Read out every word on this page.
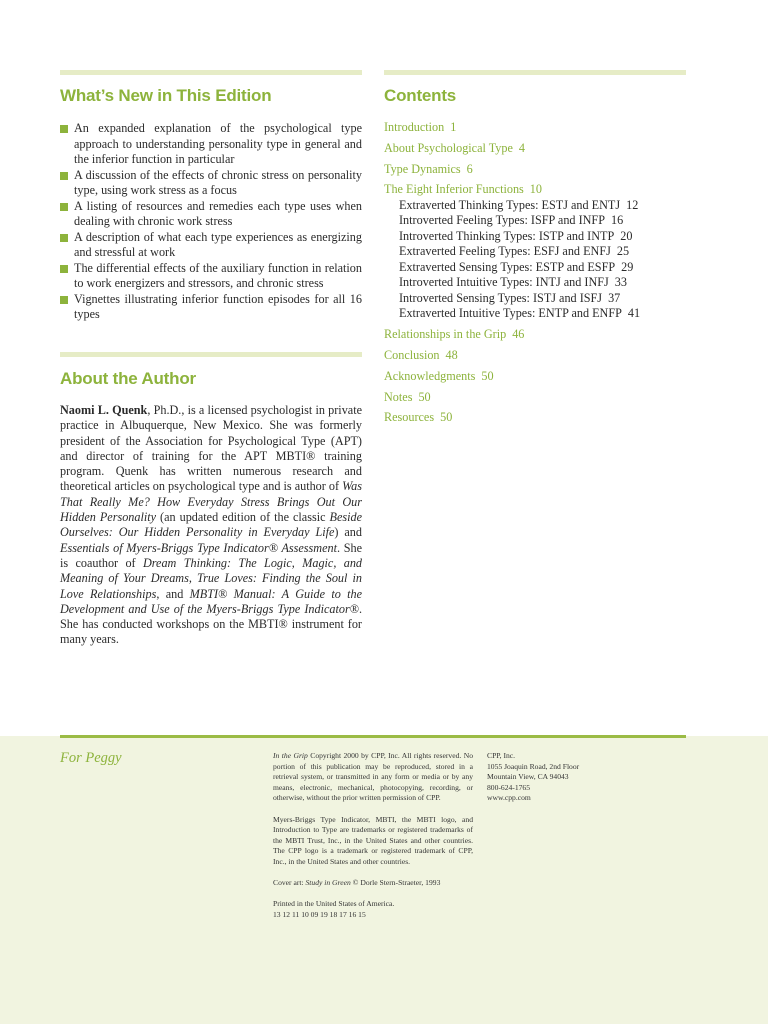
What’s New in This Edition
An expanded explanation of the psychological type approach to understanding personality type in general and the inferior function in particular
A discussion of the effects of chronic stress on personality type, using work stress as a focus
A listing of resources and remedies each type uses when dealing with chronic work stress
A description of what each type experiences as energizing and stressful at work
The differential effects of the auxiliary function in relation to work energizers and stressors, and chronic stress
Vignettes illustrating inferior function episodes for all 16 types
About the Author

Naomi L. Quenk, Ph.D., is a licensed psychologist in private practice in Albuquerque, New Mexico. She was formerly president of the Association for Psychological Type (APT) and director of training for the APT MBTI® training program. Quenk has written numerous research and theoretical articles on psychological type and is author of Was That Really Me? How Everyday Stress Brings Out Our Hidden Personality (an updated edition of the classic Beside Ourselves: Our Hidden Personality in Everyday Life) and Essentials of Myers-Briggs Type Indicator® Assessment. She is coauthor of Dream Thinking: The Logic, Magic, and Meaning of Your Dreams, True Loves: Finding the Soul in Love Relationships, and MBTI® Manual: A Guide to the Development and Use of the Myers-Briggs Type Indicator®. She has conducted workshops on the MBTI® instrument for many years.

Contents
Introduction 1
About Psychological Type 4
Type Dynamics 6
The Eight Inferior Functions 10
Extraverted Thinking Types: ESTJ and ENTJ 12
Introverted Feeling Types: ISFP and INFP 16
Introverted Thinking Types: ISTP and INTP 20
Extraverted Feeling Types: ESFJ and ENFJ 25
Extraverted Sensing Types: ESTP and ESFP 29
Introverted Intuitive Types: INTJ and INFJ 33
Introverted Sensing Types: ISTJ and ISFJ 37
Extraverted Intuitive Types: ENTP and ENFP 41
Relationships in the Grip 46
Conclusion 48
Acknowledgments 50
Notes 50
Resources 50

For Peggy	In the Grip Copyright 2000 by CPP, Inc. All rights reserved. No portion of this publication may be reproduced, stored in a retrieval system, or transmitted in any form or media or by any means, electronic, mechanical, photocopying, recording, or otherwise, without the prior written permission of CPP.

Myers-Briggs Type Indicator, MBTI, the MBTI logo, and Introduction to Type are trademarks or registered trademarks of the MBTI Trust, Inc., in the United States and other countries. The CPP logo is a trademark or registered trademark of CPP, Inc., in the United States and other countries.

Cover art: Study in Green © Dorle Stern-Straeter, 1993

Printed in the United States of America.
13 12 11 10 09 19 18 17 16 15

CPP, Inc.
1055 Joaquin Road, 2nd Floor
Mountain View, CA 94043
800-624-1765
www.cpp.com
